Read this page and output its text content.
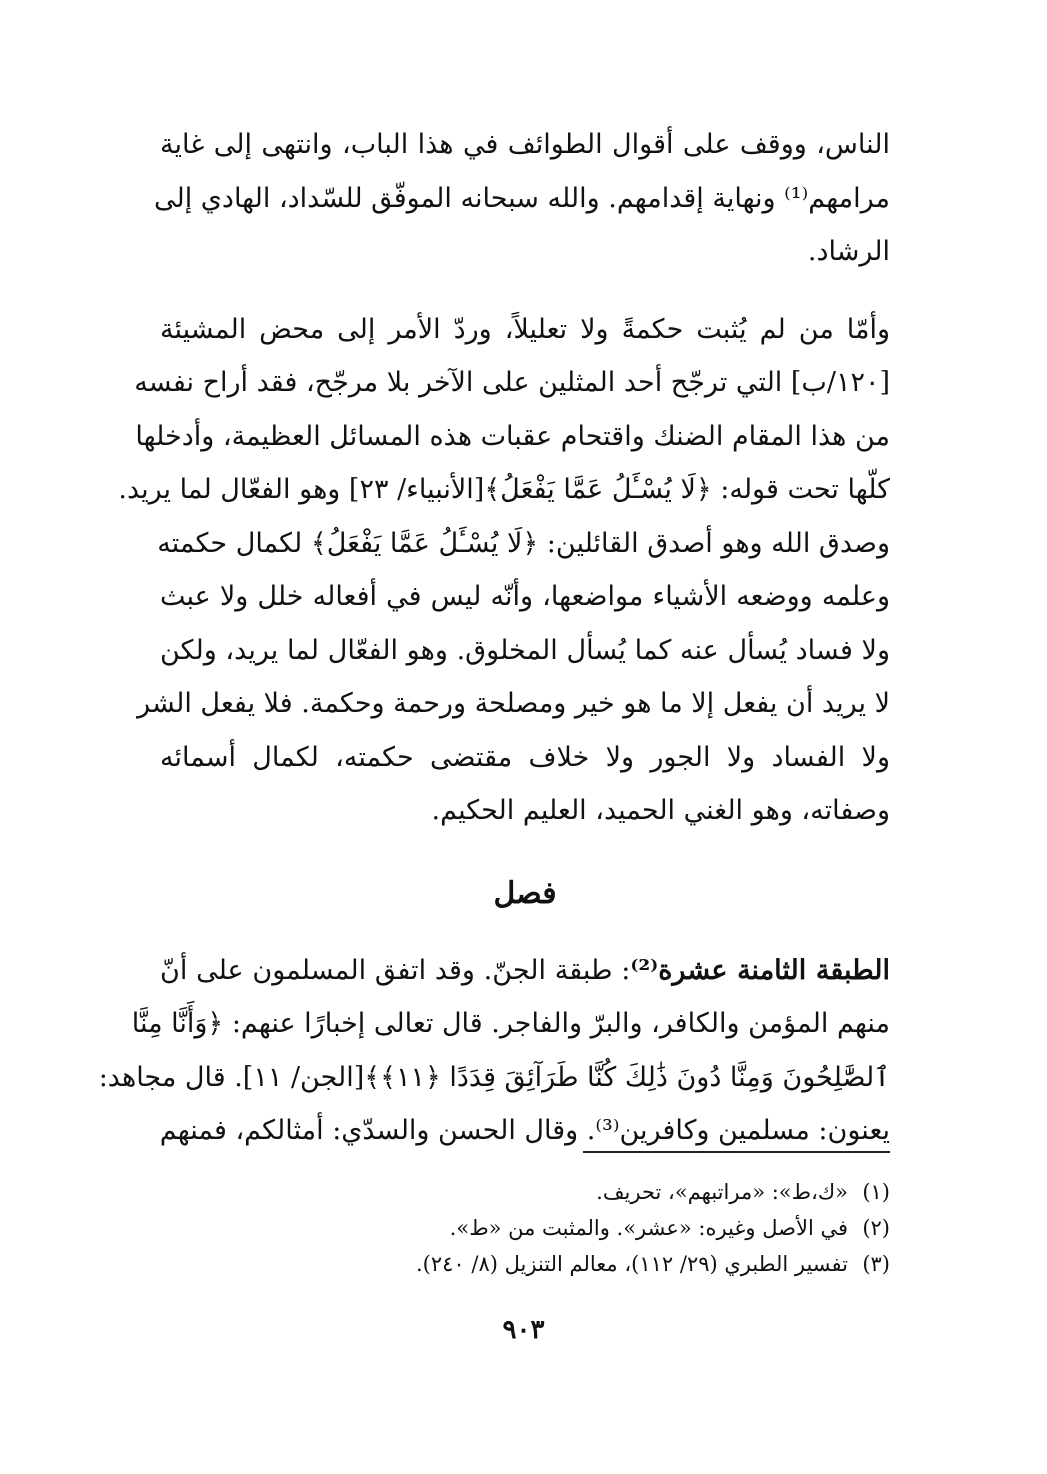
الناس، ووقف على أقوال الطوائف في هذا الباب، وانتهى إلى غاية
مرامهم⁽¹⁾ ونهاية إقدامهم. والله سبحانه الموفّق للسّداد، الهادي إلى
الرشاد.
وأمّا من لم يُثبت حكمةً ولا تعليلاً، وردّ الأمر إلى محض المشيئة
[١٢٠/ب] التي ترجّح أحد المثلين على الآخر بلا مرجّح، فقد أراح نفسه
من هذا المقام الضنك واقتحام عقبات هذه المسائل العظيمة، وأدخلها
كلّها تحت قوله: ﴿لَا يُسْـَٔلُ عَمَّا يَفْعَلُ﴾[الأنبياء/ ٢٣] وهو الفعّال لما يريد.
وصدق الله وهو أصدق القائلين: ﴿لَا يُسْـَٔلُ عَمَّا يَفْعَلُ﴾ لكمال حكمته
وعلمه ووضعه الأشياء مواضعها، وأنّه ليس في أفعاله خلل ولا عبث
ولا فساد يُسأل عنه كما يُسأل المخلوق. وهو الفعّال لما يريد، ولكن
لا يريد أن يفعل إلا ما هو خير ومصلحة ورحمة وحكمة. فلا يفعل الشر
ولا الفساد ولا الجور ولا خلاف مقتضى حكمته، لكمال أسمائه
وصفاته، وهو الغني الحميد، العليم الحكيم.
فصل
الطبقة الثامنة عشرة⁽²⁾: طبقة الجنّ. وقد اتفق المسلمون على أنّ
منهم المؤمن والكافر، والبرّ والفاجر. قال تعالى إخبارًا عنهم: ﴿وَأَنَّا مِنَّا
ٱلصَّٰلِحُونَ وَمِنَّا دُونَ ذَٰلِكَ كُنَّا طَرَآئِقَ قِدَدًا ﴿١١﴾﴾[الجن/ ١١]. قال مجاهد:
يعنون: مسلمين وكافرين⁽³⁾. وقال الحسن والسدّي: أمثالكم، فمنهم
(١)«ك،ط»: «مراتبهم»، تحريف.
(٢)في الأصل وغيره: «عشر». والمثبت من «ط».
(٣)تفسير الطبري (٢٩/ ١١٢)، معالم التنزيل (٨/ ٢٤٠).
٩٠٣
